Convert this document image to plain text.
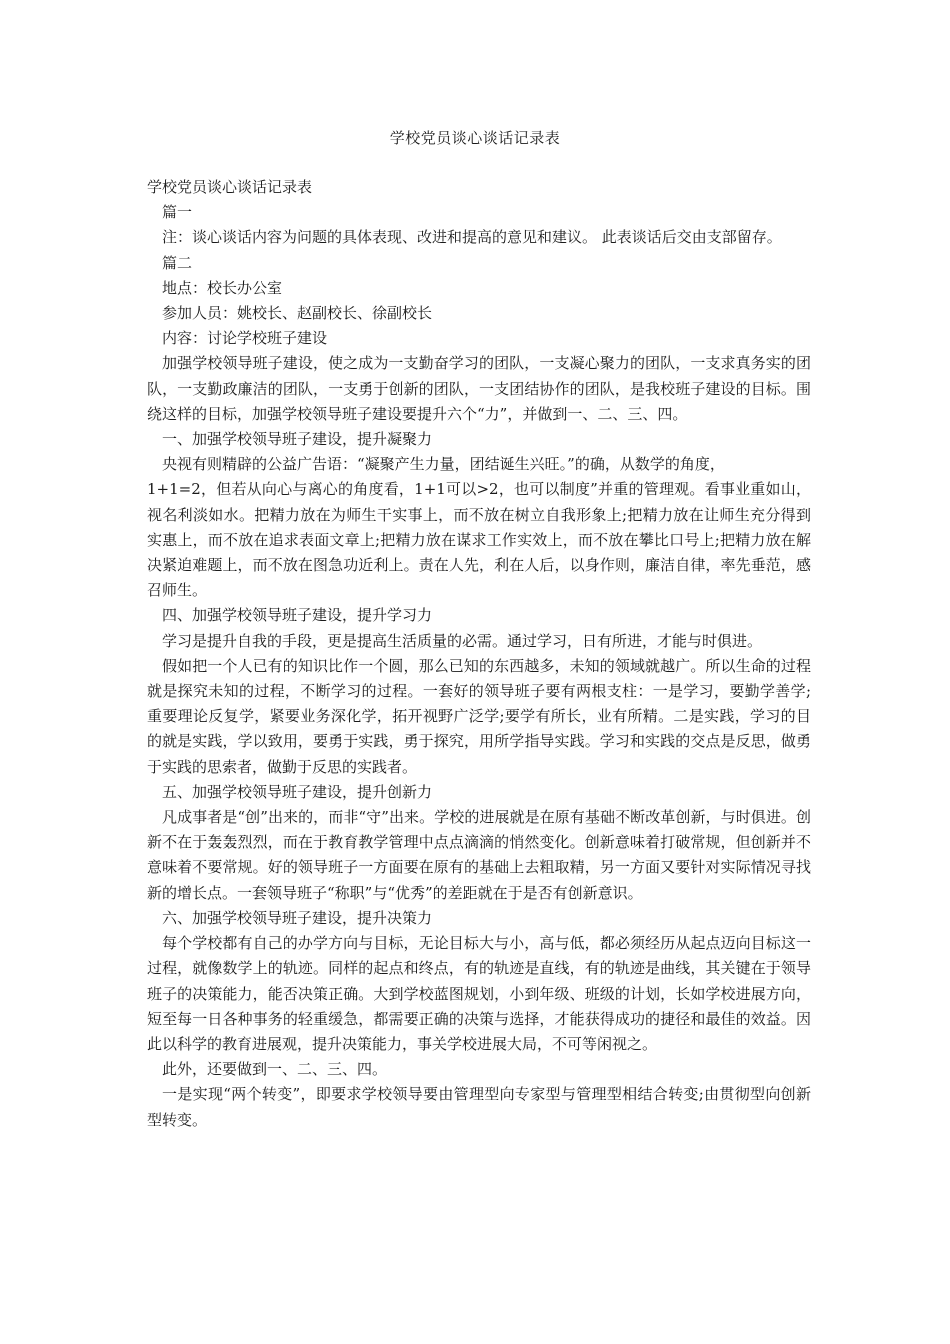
学校党员谈心谈话记录表

学校党员谈心谈话记录表

篇一

注：谈心谈话内容为问题的具体表现、改进和提高的意见和建议。 此表谈话后交由支部留存。

篇二

地点：校长办公室

参加人员：姚校长、赵副校长、徐副校长

内容：讨论学校班子建设

加强学校领导班子建设，使之成为一支勤奋学习的团队，一支凝心聚力的团队，一支求真务实的团队，一支勤政廉洁的团队，一支勇于创新的团队，一支团结协作的团队，是我校班子建设的目标。围绕这样的目标，加强学校领导班子建设要提升六个“力”，并做到一、二、三、四。

一、加强学校领导班子建设，提升凝聚力

央视有则精辟的公益广告语：“凝聚产生力量，团结诞生兴旺。”的确，从数学的角度，

1+1=2，但若从向心与离心的角度看，1+1可以>2，也可以制度”并重的管理观。看事业重如山，视名利淡如水。把精力放在为师生干实事上，而不放在树立自我形象上;把精力放在让师生充分得到实惠上，而不放在追求表面文章上;把精力放在谋求工作实效上，而不放在攀比口号上;把精力放在解决紧迫难题上，而不放在图急功近利上。责在人先，利在人后，以身作则，廉洁自律，率先垂范，感召师生。

四、加强学校领导班子建设，提升学习力

学习是提升自我的手段，更是提高生活质量的必需。通过学习，日有所进，才能与时俱进。

假如把一个人已有的知识比作一个圆，那么已知的东西越多，未知的领域就越广。所以生命的过程就是探究未知的过程，不断学习的过程。一套好的领导班子要有两根支柱：一是学习，要勤学善学;重要理论反复学，紧要业务深化学，拓开视野广泛学;要学有所长，业有所精。二是实践，学习的目的就是实践，学以致用，要勇于实践，勇于探究，用所学指导实践。学习和实践的交点是反思，做勇于实践的思索者，做勤于反思的实践者。

五、加强学校领导班子建设，提升创新力

凡成事者是“创”出来的，而非“守”出来。学校的进展就是在原有基础不断改革创新，与时俱进。创新不在于轰轰烈烈，而在于教育教学管理中点点滴滴的悄然变化。创新意味着打破常规，但创新并不意味着不要常规。好的领导班子一方面要在原有的基础上去粗取精，另一方面又要针对实际情况寻找新的增长点。一套领导班子“称职”与“优秀”的差距就在于是否有创新意识。

六、加强学校领导班子建设，提升决策力

每个学校都有自己的办学方向与目标，无论目标大与小，高与低，都必须经历从起点迈向目标这一过程，就像数学上的轨迹。同样的起点和终点，有的轨迹是直线，有的轨迹是曲线，其关键在于领导班子的决策能力，能否决策正确。大到学校蓝图规划，小到年级、班级的计划，长如学校进展方向，短至每一日各种事务的轻重缓急，都需要正确的决策与选择，才能获得成功的捷径和最佳的效益。因此以科学的教育进展观，提升决策能力，事关学校进展大局，不可等闲视之。

此外，还要做到一、二、三、四。

一是实现“两个转变”，即要求学校领导要由管理型向专家型与管理型相结合转变;由贯彻型向创新型转变。
